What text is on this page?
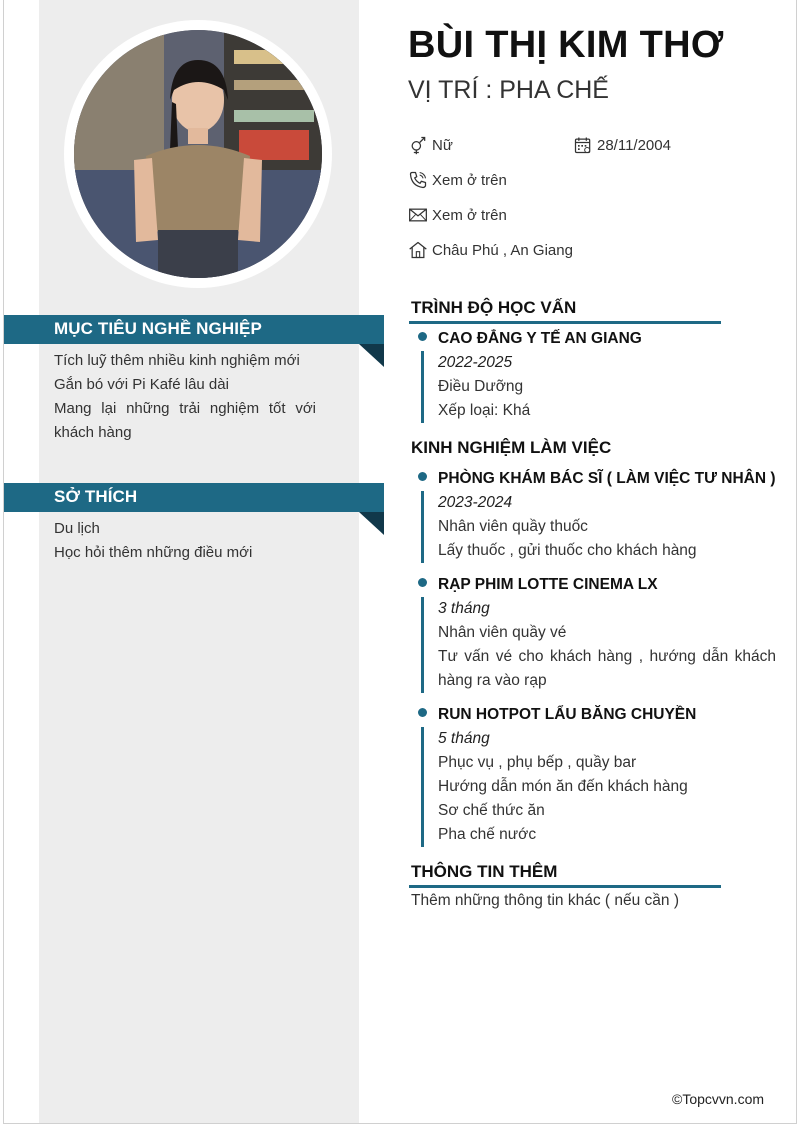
MỤC TIÊU NGHỀ NGHIỆP
Tích luỹ thêm nhiều kinh nghiệm mới
Gắn bó với Pi Kafé lâu dài
Mang lại những trải nghiệm tốt với khách hàng
SỞ THÍCH
Du lịch
Học hỏi thêm những điều mới
BÙI THỊ KIM THƠ
VỊ TRÍ : PHA CHẾ
Nữ	28/11/2004
Xem ở trên
Xem ở trên
Châu Phú , An Giang
TRÌNH ĐỘ HỌC VẤN
CAO ĐẲNG Y TẾ AN GIANG
2022-2025
Điều Dưỡng
Xếp loại: Khá
KINH NGHIỆM LÀM VIỆC
PHÒNG KHÁM BÁC SĨ ( LÀM VIỆC TƯ NHÂN )
2023-2024
Nhân viên quầy thuốc
Lấy thuốc , gửi thuốc cho khách hàng
RẠP PHIM LOTTE CINEMA LX
3 tháng
Nhân viên quầy vé
Tư vấn vé cho khách hàng , hướng dẫn khách hàng ra vào rạp
RUN HOTPOT LẨU BĂNG CHUYỀN
5 tháng
Phục vụ , phụ bếp , quầy bar
Hướng dẫn món ăn đến khách hàng
Sơ chế thức ăn
Pha chế nước
THÔNG TIN THÊM
Thêm những thông tin khác ( nếu cần )
©Topcvvn.com
